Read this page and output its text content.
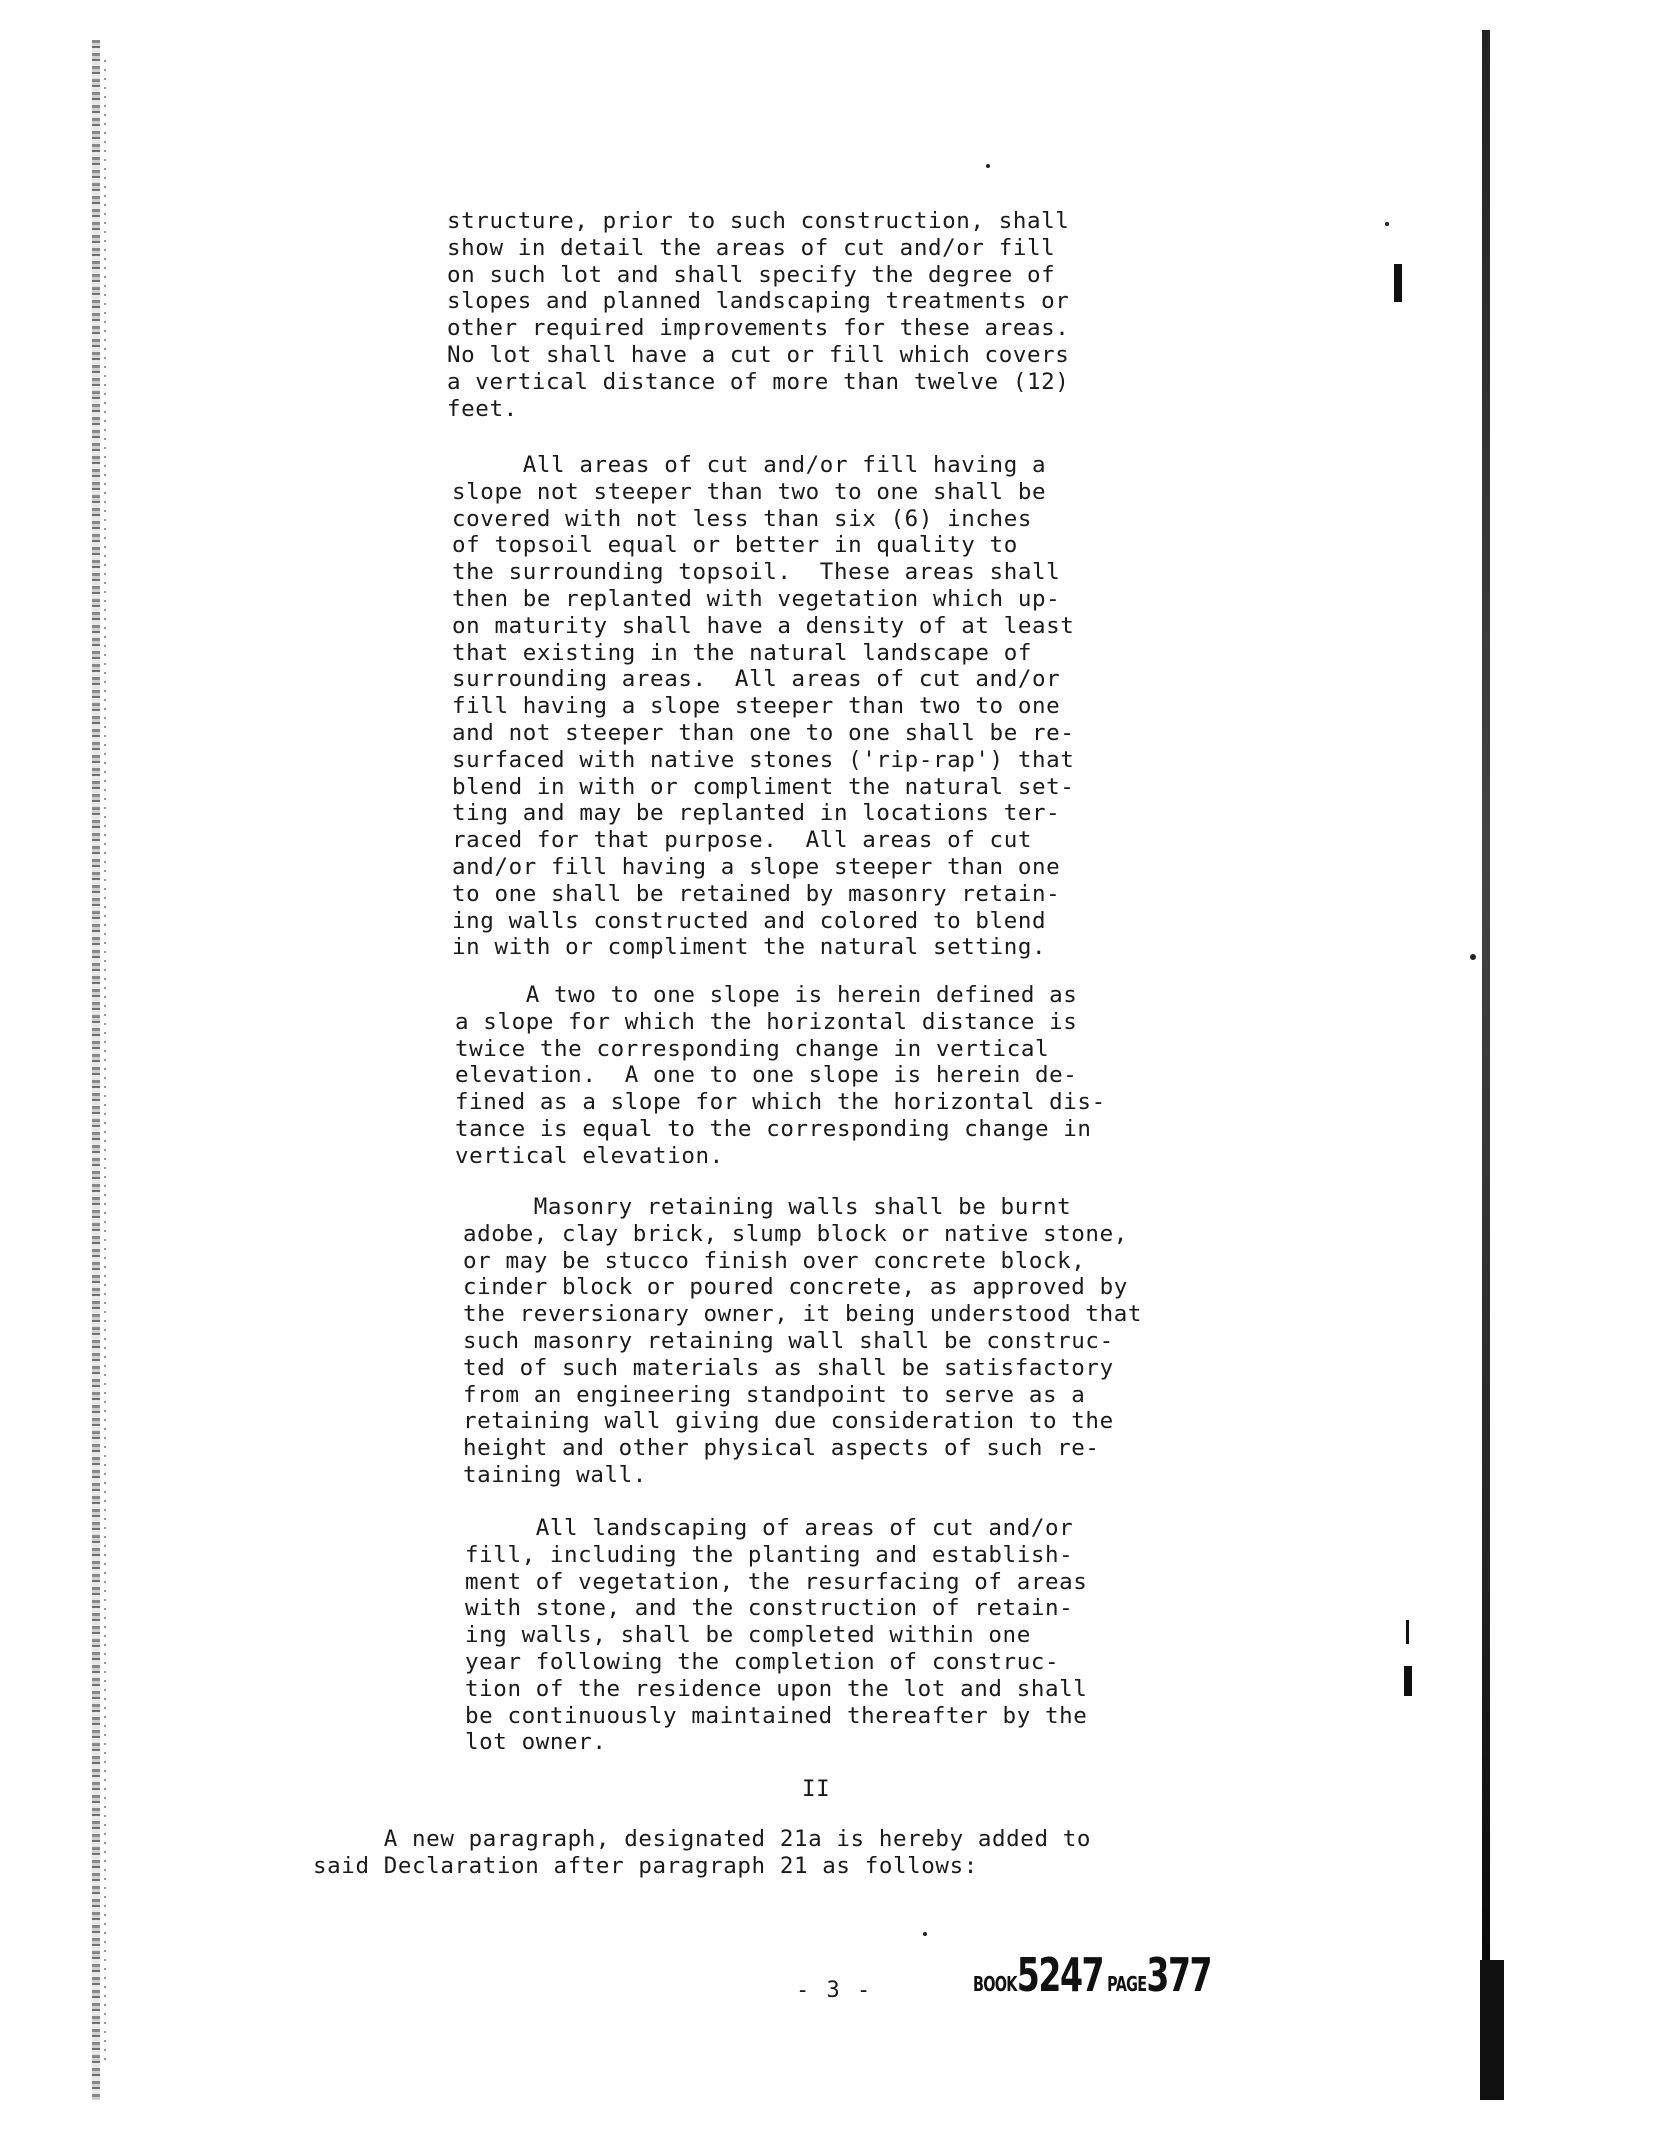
structure, prior to such construction, shall
show in detail the areas of cut and/or fill
on such lot and shall specify the degree of
slopes and planned landscaping treatments or
other required improvements for these areas.
No lot shall have a cut or fill which covers
a vertical distance of more than twelve (12)
feet.
All areas of cut and/or fill having a
slope not steeper than two to one shall be
covered with not less than six (6) inches
of topsoil equal or better in quality to
the surrounding topsoil.  These areas shall
then be replanted with vegetation which up-
on maturity shall have a density of at least
that existing in the natural landscape of
surrounding areas.  All areas of cut and/or
fill having a slope steeper than two to one
and not steeper than one to one shall be re-
surfaced with native stones ('rip-rap') that
blend in with or compliment the natural set-
ting and may be replanted in locations ter-
raced for that purpose.  All areas of cut
and/or fill having a slope steeper than one
to one shall be retained by masonry retain-
ing walls constructed and colored to blend
in with or compliment the natural setting.
A two to one slope is herein defined as
a slope for which the horizontal distance is
twice the corresponding change in vertical
elevation.  A one to one slope is herein de-
fined as a slope for which the horizontal dis-
tance is equal to the corresponding change in
vertical elevation.
Masonry retaining walls shall be burnt
adobe, clay brick, slump block or native stone,
or may be stucco finish over concrete block,
cinder block or poured concrete, as approved by
the reversionary owner, it being understood that
such masonry retaining wall shall be construc-
ted of such materials as shall be satisfactory
from an engineering standpoint to serve as a
retaining wall giving due consideration to the
height and other physical aspects of such re-
taining wall.
All landscaping of areas of cut and/or
fill, including the planting and establish-
ment of vegetation, the resurfacing of areas
with stone, and the construction of retain-
ing walls, shall be completed within one
year following the completion of construc-
tion of the residence upon the lot and shall
be continuously maintained thereafter by the
lot owner.
II
A new paragraph, designated 21a is hereby added to
said Declaration after paragraph 21 as follows:
- 3 -	BOOK5247 PAGE377
